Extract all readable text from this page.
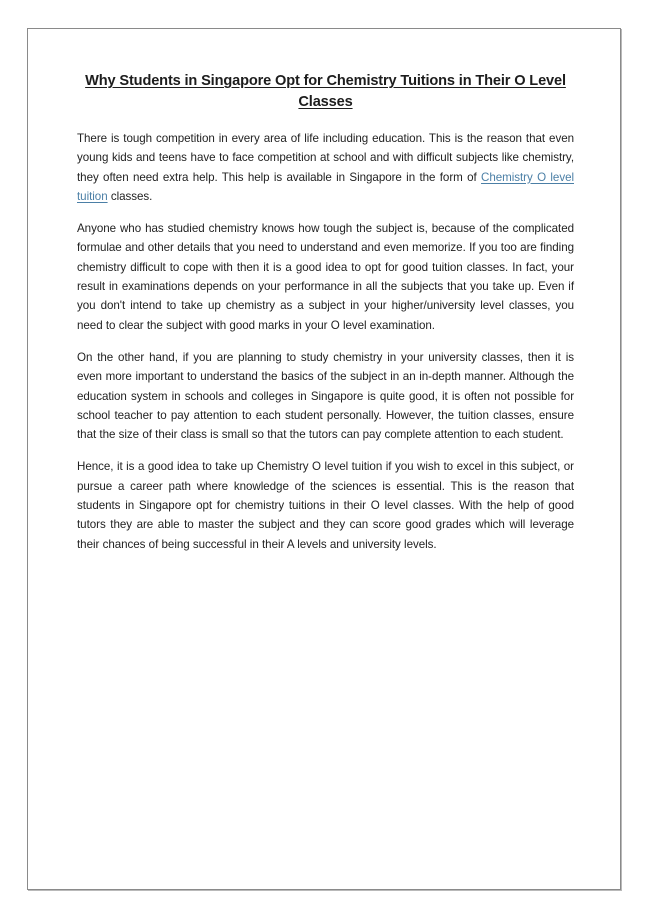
Why Students in Singapore Opt for Chemistry Tuitions in Their O Level
Classes

There is tough competition in every area of life including education. This is the reason that even young kids and teens have to face competition at school and with difficult subjects like chemistry, they often need extra help. This help is available in Singapore in the form of Chemistry O level tuition classes.

Anyone who has studied chemistry knows how tough the subject is, because of the complicated formulae and other details that you need to understand and even memorize. If you too are finding chemistry difficult to cope with then it is a good idea to opt for good tuition classes. In fact, your result in examinations depends on your performance in all the subjects that you take up. Even if you don't intend to take up chemistry as a subject in your higher/university level classes, you need to clear the subject with good marks in your O level examination.

On the other hand, if you are planning to study chemistry in your university classes, then it is even more important to understand the basics of the subject in an in-depth manner. Although the education system in schools and colleges in Singapore is quite good, it is often not possible for school teacher to pay attention to each student personally. However, the tuition classes, ensure that the size of their class is small so that the tutors can pay complete attention to each student.

Hence, it is a good idea to take up Chemistry O level tuition if you wish to excel in this subject, or pursue a career path where knowledge of the sciences is essential. This is the reason that students in Singapore opt for chemistry tuitions in their O level classes. With the help of good tutors they are able to master the subject and they can score good grades which will leverage their chances of being successful in their A levels and university levels.
